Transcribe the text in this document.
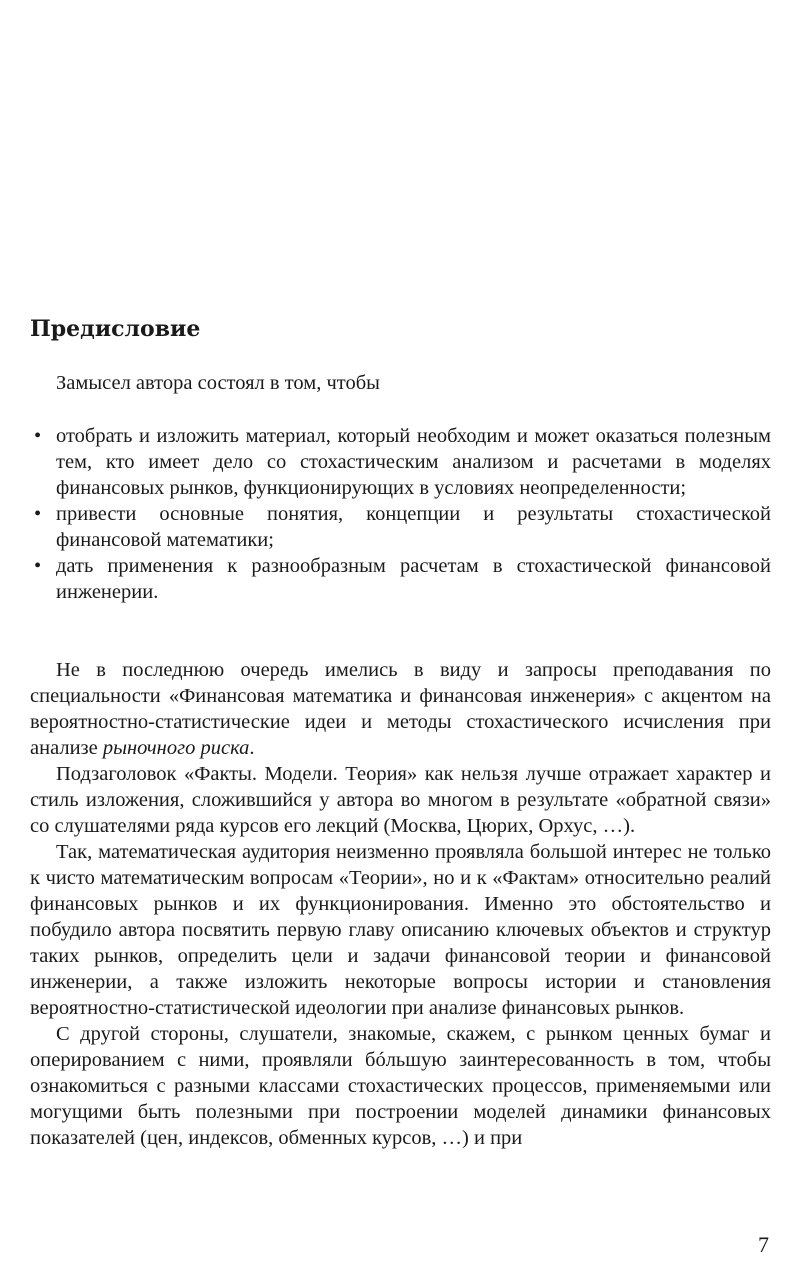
Предисловие

Замысел автора состоял в том, чтобы

• отобрать и изложить материал, который необходим и может оказаться полезным тем, кто имеет дело со стохастическим анализом и расчетами в моделях финансовых рынков, функционирующих в условиях неопределенности;
• привести основные понятия, концепции и результаты стохастической финансовой математики;
• дать применения к разнообразным расчетам в стохастической финансовой инженерии.

Не в последнюю очередь имелись в виду и запросы преподавания по специальности «Финансовая математика и финансовая инженерия» с акцентом на вероятностно-статистические идеи и методы стохастического исчисления при анализе рыночного риска.

Подзаголовок «Факты. Модели. Теория» как нельзя лучше отражает характер и стиль изложения, сложившийся у автора во многом в результате «обратной связи» со слушателями ряда курсов его лекций (Москва, Цюрих, Орхус, …).

Так, математическая аудитория неизменно проявляла большой интерес не только к чисто математическим вопросам «Теории», но и к «Фактам» относительно реалий финансовых рынков и их функционирования. Именно это обстоятельство и побудило автора посвятить первую главу описанию ключевых объектов и структур таких рынков, определить цели и задачи финансовой теории и финансовой инженерии, а также изложить некоторые вопросы истории и становления вероятностно-статистической идеологии при анализе финансовых рынков.

С другой стороны, слушатели, знакомые, скажем, с рынком ценных бумаг и оперированием с ними, проявляли бóльшую заинтересованность в том, чтобы ознакомиться с разными классами стохастических процессов, применяемыми или могущими быть полезными при построении моделей динамики финансовых показателей (цен, индексов, обменных курсов, …) и при

7
